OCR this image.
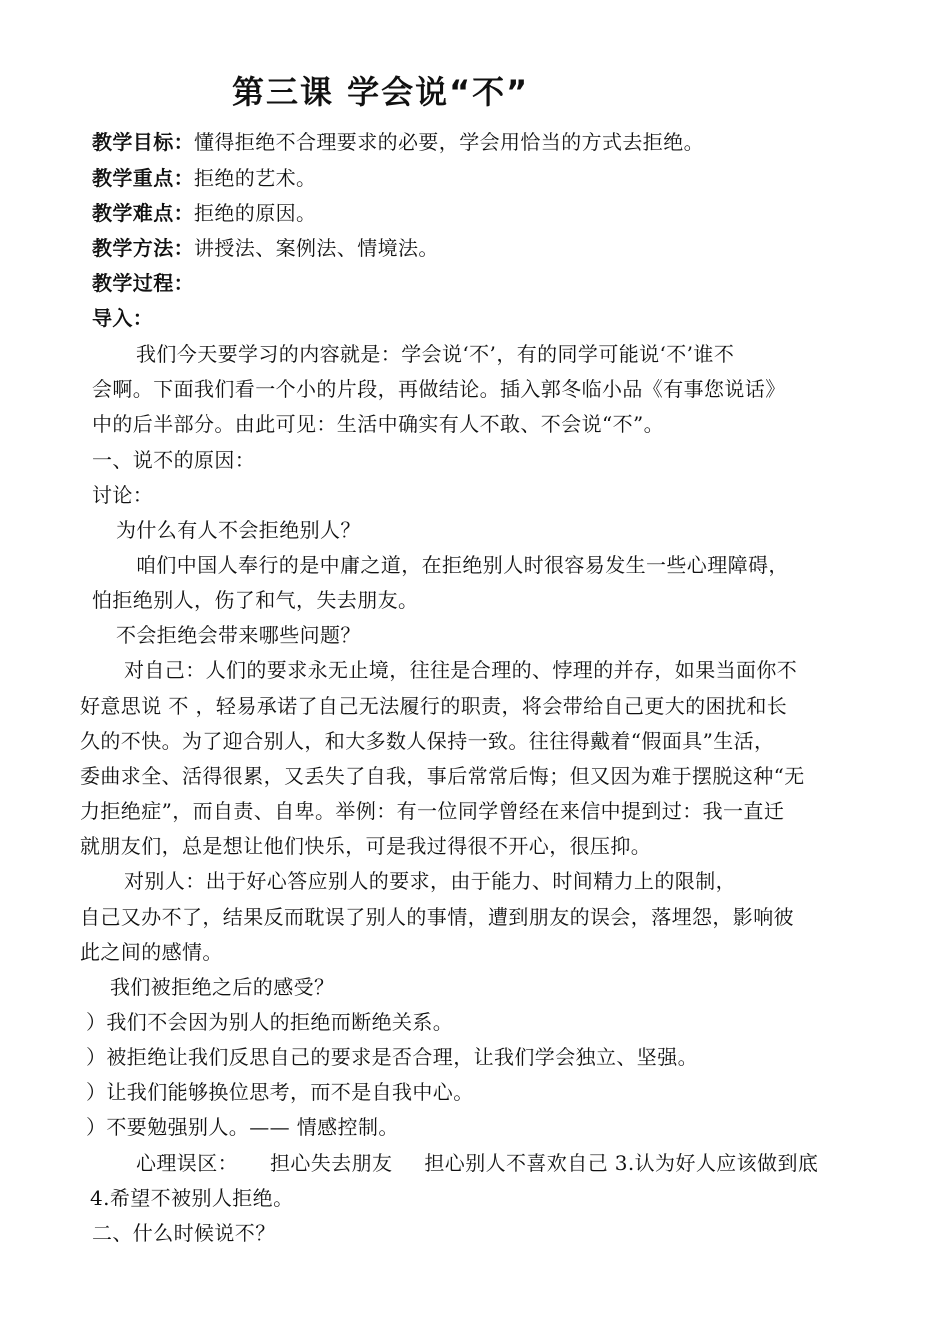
第三课 学会说“不”
教学目标：懂得拒绝不合理要求的必要，学会用恰当的方式去拒绝。
教学重点：拒绝的艺术。
教学难点：拒绝的原因。
教学方法：讲授法、案例法、情境法。
教学过程：
导入：
我们今天要学习的内容就是：学会说‘不’，有的同学可能说‘不’谁不
会啊。下面我们看一个小的片段，再做结论。插入郭冬临小品《有事您说话》
中的后半部分。由此可见：生活中确实有人不敢、不会说“不”。
一、说不的原因：
讨论：
为什么有人不会拒绝别人？
咱们中国人奉行的是中庸之道，在拒绝别人时很容易发生一些心理障碍，
怕拒绝别人，伤了和气，失去朋友。
不会拒绝会带来哪些问题？
对自己：人们的要求永无止境，往往是合理的、悖理的并存，如果当面你不
好意思说 不 ，轻易承诺了自己无法履行的职责，将会带给自己更大的困扰和长
久的不快。为了迎合别人，和大多数人保持一致。往往得戴着“假面具”生活，
委曲求全、活得很累，又丢失了自我，事后常常后悔；但又因为难于摆脱这种“无
力拒绝症”，而自责、自卑。举例：有一位同学曾经在来信中提到过：我一直迁
就朋友们，总是想让他们快乐，可是我过得很不开心，很压抑。
对别人：出于好心答应别人的要求，由于能力、时间精力上的限制，
自己又办不了，结果反而耽误了别人的事情，遭到朋友的误会，落埋怨，影响彼
此之间的感情。
我们被拒绝之后的感受？
）我们不会因为别人的拒绝而断绝关系。
）被拒绝让我们反思自己的要求是否合理，让我们学会独立、坚强。
）让我们能够换位思考，而不是自我中心。
）不要勉强别人。—— 情感控制。
心理误区： 担心失去朋友 担心别人不喜欢自己 3.认为好人应该做到底
4.希望不被别人拒绝。
二、什么时候说不？
